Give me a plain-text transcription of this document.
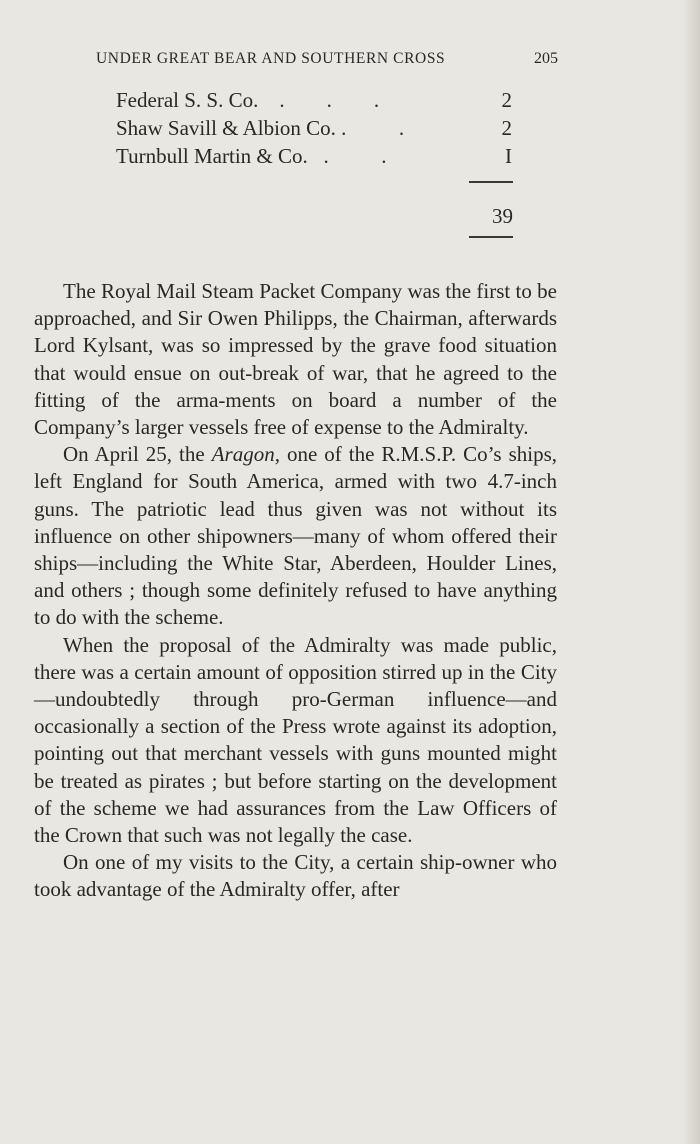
UNDER GREAT BEAR AND SOUTHERN CROSS	205
Federal S. S. Co.    .        .        .	2
Shaw Savill & Albion Co. .          .	2
Turnbull Martin & Co.   .          .	I
39

The Royal Mail Steam Packet Company was the first to be approached, and Sir Owen Philipps, the Chairman, afterwards Lord Kylsant, was so impressed by the grave food situation that would ensue on out-break of war, that he agreed to the fitting of the arma-ments on board a number of the Company’s larger vessels free of expense to the Admiralty.

On April 25, the Aragon, one of the R.M.S.P. Co’s ships, left England for South America, armed with two 4.7-inch guns. The patriotic lead thus given was not without its influence on other shipowners—many of whom offered their ships—including the White Star, Aberdeen, Houlder Lines, and others ; though some definitely refused to have anything to do with the scheme.

When the proposal of the Admiralty was made public, there was a certain amount of opposition stirred up in the City—undoubtedly through pro-German influence—and occasionally a section of the Press wrote against its adoption, pointing out that merchant vessels with guns mounted might be treated as pirates ; but before starting on the development of the scheme we had assurances from the Law Officers of the Crown that such was not legally the case.

On one of my visits to the City, a certain ship-owner who took advantage of the Admiralty offer, after
